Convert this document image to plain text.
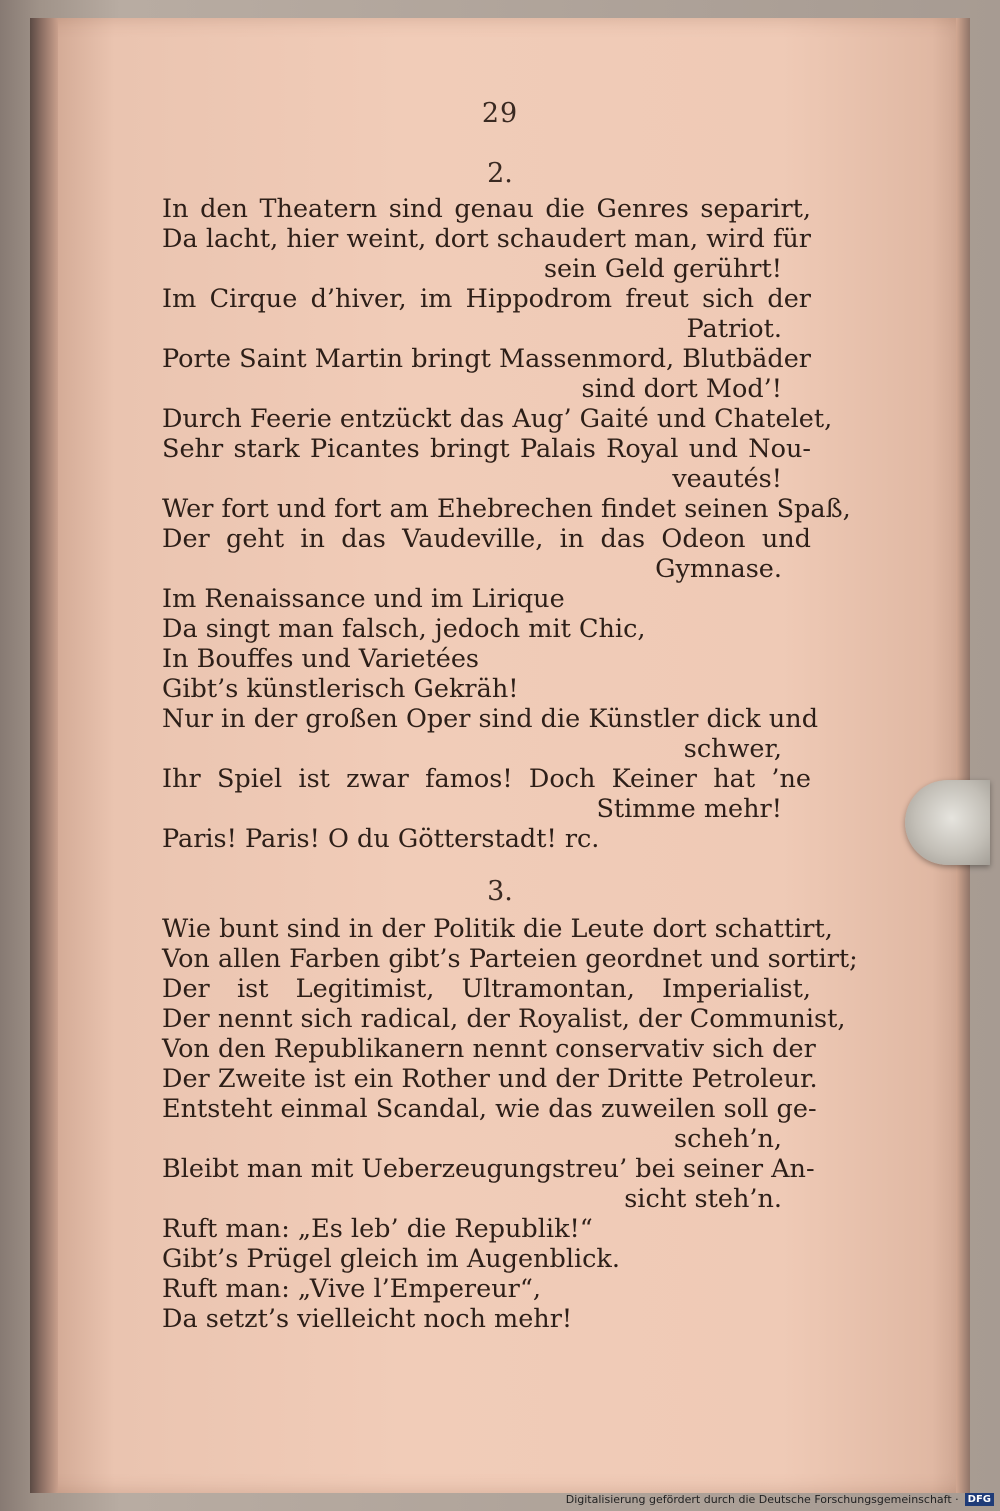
29
2.

In den Theatern sind genau die Genres separirt,

Da lacht, hier weint, dort schaudert man, wird für

sein Geld gerührt!

Im Cirque d’hiver, im Hippodrom freut sich der

Patriot.

Porte Saint Martin bringt Massenmord, Blutbäder

sind dort Mod’!

Durch Feerie entzückt das Aug’ Gaité und Chatelet,

Sehr stark Picantes bringt Palais Royal und Nou-

veautés!

Wer fort und fort am Ehebrechen findet seinen Spaß,

Der geht in das Vaudeville, in das Odeon und

Gymnase.

Im Renaissance und im Lirique

Da singt man falsch, jedoch mit Chic,

In Bouffes und Varietées

Gibt’s künstlerisch Gekräh!

Nur in der großen Oper sind die Künstler dick und

schwer,

Ihr Spiel ist zwar famos! Doch Keiner hat ’ne

Stimme mehr!

Paris! Paris! O du Götterstadt! rc.

3.

Wie bunt sind in der Politik die Leute dort schattirt,

Von allen Farben gibt’s Parteien geordnet und sortirt;

Der ist Legitimist, Ultramontan, Imperialist,

Der nennt sich radical, der Royalist, der Communist,

Von den Republikanern nennt conservativ sich der

Der Zweite ist ein Rother und der Dritte Petroleur.

Entsteht einmal Scandal, wie das zuweilen soll ge-

scheh’n,

Bleibt man mit Ueberzeugungstreu’ bei seiner An-

sicht steh’n.

Ruft man: „Es leb’ die Republik!“

Gibt’s Prügel gleich im Augenblick.

Ruft man: „Vive l’Empereur“,

Da setzt’s vielleicht noch mehr!

Digitalisierung gefördert durch die Deutsche Forschungsgemeinschaft · DFG
